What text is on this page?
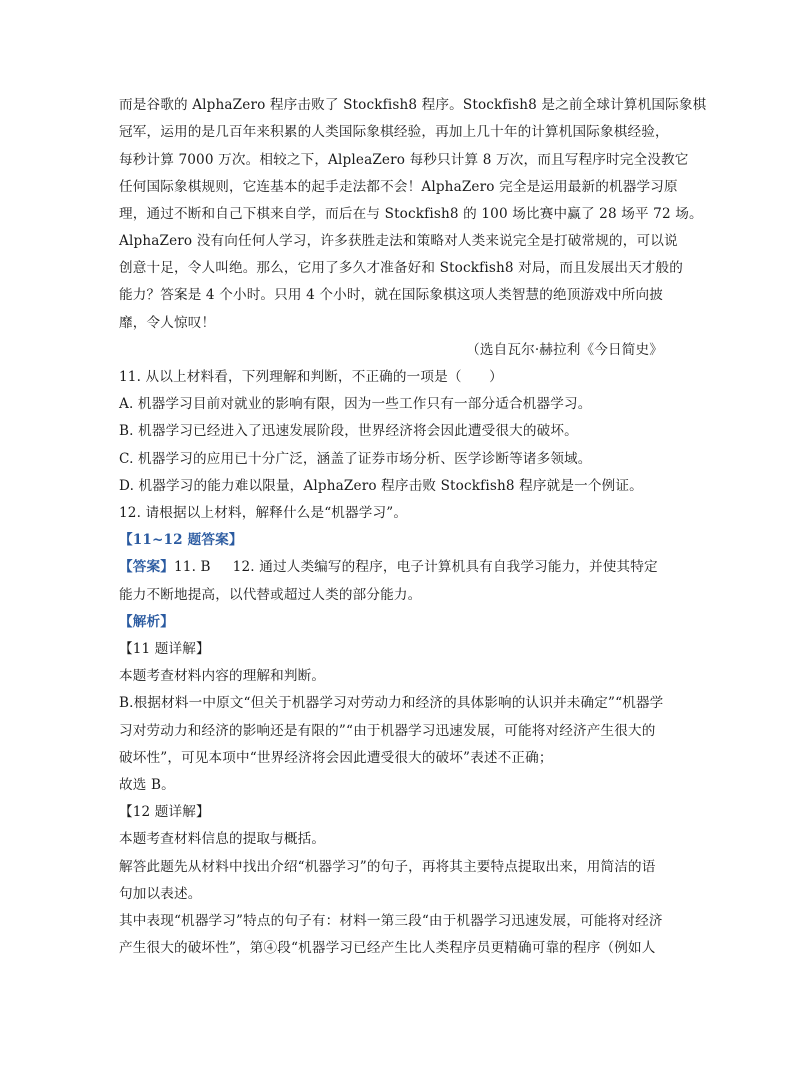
而是谷歌的 AlphaZero 程序击败了 Stockfish8 程序。Stockfish8 是之前全球计算机国际象棋
冠军，运用的是几百年来积累的人类国际象棋经验，再加上几十年的计算机国际象棋经验，
每秒计算 7000 万次。相较之下，AlpleaZero 每秒只计算 8 万次，而且写程序时完全没教它
任何国际象棋规则，它连基本的起手走法都不会！AlphaZero 完全是运用最新的机器学习原
理，通过不断和自己下棋来自学，而后在与 Stockfish8 的 100 场比赛中赢了 28 场平 72 场。
AlphaZero 没有向任何人学习，许多获胜走法和策略对人类来说完全是打破常规的，可以说
创意十足，令人叫绝。那么，它用了多久才准备好和 Stockfish8 对局，而且发展出天才般的
能力？答案是 4 个小时。只用 4 个小时，就在国际象棋这项人类智慧的绝顶游戏中所向披
靡，令人惊叹！
（选自瓦尔·赫拉利《今日简史》
11. 从以上材料看，下列理解和判断，不正确的一项是（　　）
A. 机器学习目前对就业的影响有限，因为一些工作只有一部分适合机器学习。
B. 机器学习已经进入了迅速发展阶段，世界经济将会因此遭受很大的破坏。
C. 机器学习的应用已十分广泛，涵盖了证券市场分析、医学诊断等诸多领域。
D. 机器学习的能力难以限量，AlphaZero 程序击败 Stockfish8 程序就是一个例证。
12. 请根据以上材料，解释什么是“机器学习”。
【11~12 题答案】
【答案】11. B 12. 通过人类编写的程序，电子计算机具有自我学习能力，并使其特定
能力不断地提高，以代替或超过人类的部分能力。
【解析】
【11 题详解】
本题考查材料内容的理解和判断。
B.根据材料一中原文“但关于机器学习对劳动力和经济的具体影响的认识并未确定”“机器学
习对劳动力和经济的影响还是有限的”“由于机器学习迅速发展，可能将对经济产生很大的
破坏性”，可见本项中“世界经济将会因此遭受很大的破坏”表述不正确；
故选 B。
【12 题详解】
本题考查材料信息的提取与概括。
解答此题先从材料中找出介绍“机器学习”的句子，再将其主要特点提取出来，用简洁的语
句加以表述。
其中表现“机器学习”特点的句子有：材料一第三段“由于机器学习迅速发展，可能将对经济
产生很大的破坏性”，第④段“机器学习已经产生比人类程序员更精确可靠的程序（例如人
